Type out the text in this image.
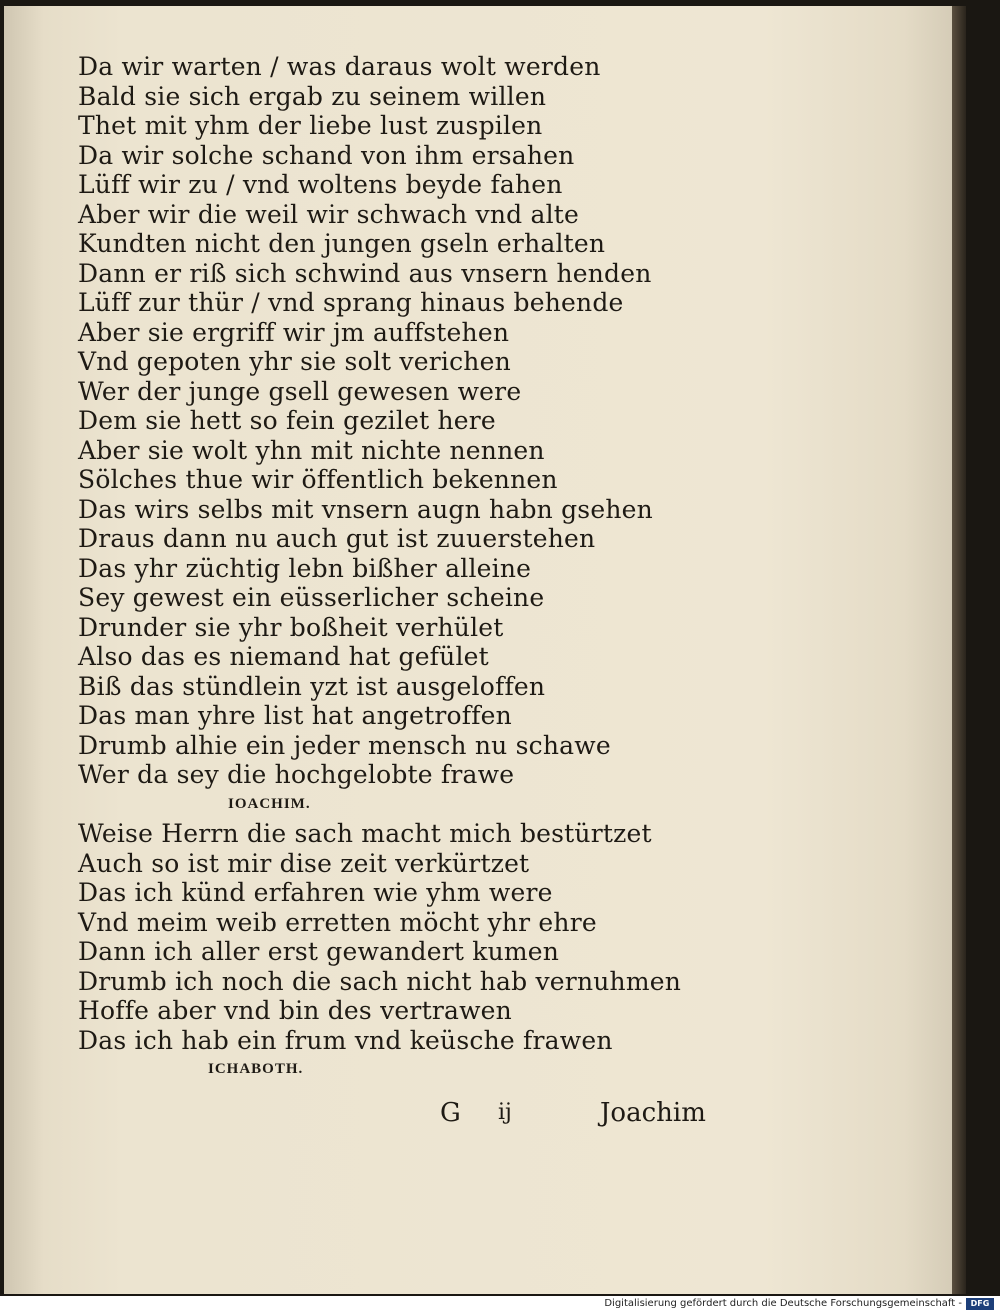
Da wir warten / was daraus wolt werden
Bald sie sich ergab zu seinem willen
Thet mit yhm der liebe lust zuspilen
Da wir solche schand von ihm ersahen
Lüff wir zu / vnd woltens beyde fahen
Aber wir die weil wir schwach vnd alte
Kundten nicht den jungen gseln erhalten
Dann er riß sich schwind aus vnsern henden
Lüff zur thür / vnd sprang hinaus behende
Aber sie ergriff wir jm auffstehen
Vnd gepoten yhr sie solt verichen
Wer der junge gsell gewesen were
Dem sie hett so fein gezilet here
Aber sie wolt yhn mit nichte nennen
Sölches thue wir öffentlich bekennen
Das wirs selbs mit vnsern augn habn gsehen
Draus dann nu auch gut ist zuuerstehen
Das yhr züchtig lebn bißher alleine
Sey gewest ein eüsserlicher scheine
Drunder sie yhr boßheit verhület
Also das es niemand hat gefület
Biß das stündlein yzt ist ausgeloffen
Das man yhre list hat angetroffen
Drumb alhie ein jeder mensch nu schawe
Wer da sey die hochgelobte frawe
IOACHIM.
Weise Herrn die sach macht mich bestürtzet
Auch so ist mir dise zeit verkürtzet
Das ich künd erfahren wie yhm were
Vnd meim weib erretten möcht yhr ehre
Dann ich aller erst gewandert kumen
Drumb ich noch die sach nicht hab vernuhmen
Hoffe aber vnd bin des vertrawen
Das ich hab ein frum vnd keüsche frawen
ICHABOTH.
G ij	Joachim
Digitalisierung gefördert durch die Deutsche Forschungsgemeinschaft -	DFG
